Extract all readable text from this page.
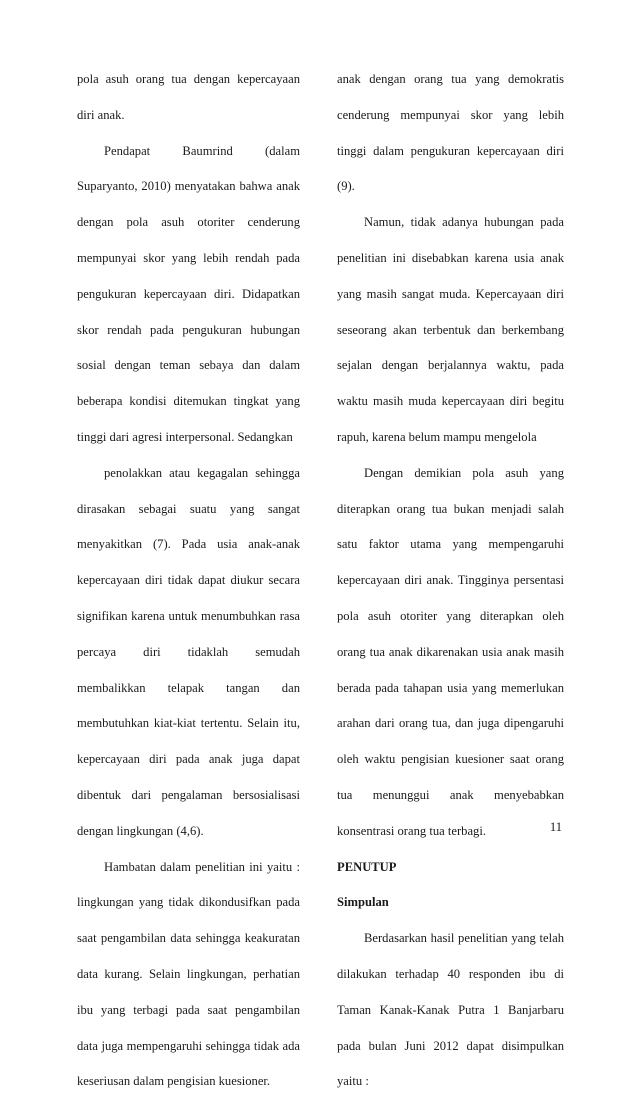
pola asuh orang tua dengan kepercayaan diri anak.

Pendapat Baumrind (dalam Suparyanto, 2010) menyatakan bahwa anak dengan pola asuh otoriter cenderung mempunyai skor yang lebih rendah pada pengukuran kepercayaan diri. Didapatkan skor rendah pada pengukuran hubungan sosial dengan teman sebaya dan dalam beberapa kondisi ditemukan tingkat yang tinggi dari agresi interpersonal. Sedangkan

penolakkan atau kegagalan sehingga dirasakan sebagai suatu yang sangat menyakitkan (7). Pada usia anak-anak kepercayaan diri tidak dapat diukur secara signifikan karena untuk menumbuhkan rasa percaya diri tidaklah semudah membalikkan telapak tangan dan membutuhkan kiat-kiat tertentu. Selain itu, kepercayaan diri pada anak juga dapat dibentuk dari pengalaman bersosialisasi dengan lingkungan (4,6).

Hambatan dalam penelitian ini yaitu : lingkungan yang tidak dikondusifkan pada saat pengambilan data sehingga keakuratan data kurang. Selain lingkungan, perhatian ibu yang terbagi pada saat pengambilan data juga mempengaruhi sehingga tidak ada keseriusan dalam pengisian kuesioner.

anak dengan orang tua yang demokratis cenderung mempunyai skor yang lebih tinggi dalam pengukuran kepercayaan diri (9).

Namun, tidak adanya hubungan pada penelitian ini disebabkan karena usia anak yang masih sangat muda. Kepercayaan diri seseorang akan terbentuk dan berkembang sejalan dengan berjalannya waktu, pada waktu masih muda kepercayaan diri begitu rapuh, karena belum mampu mengelola

Dengan demikian pola asuh yang diterapkan orang tua bukan menjadi salah satu faktor utama yang mempengaruhi kepercayaan diri anak. Tingginya persentasi pola asuh otoriter yang diterapkan oleh orang tua anak dikarenakan usia anak masih berada pada tahapan usia yang memerlukan arahan dari orang tua, dan juga dipengaruhi oleh waktu pengisian kuesioner saat orang tua menunggui anak menyebabkan konsentrasi orang tua terbagi.

PENUTUP

Simpulan

Berdasarkan hasil penelitian yang telah dilakukan terhadap 40 responden ibu di Taman Kanak-Kanak Putra 1 Banjarbaru pada bulan Juni 2012 dapat disimpulkan yaitu :

11
